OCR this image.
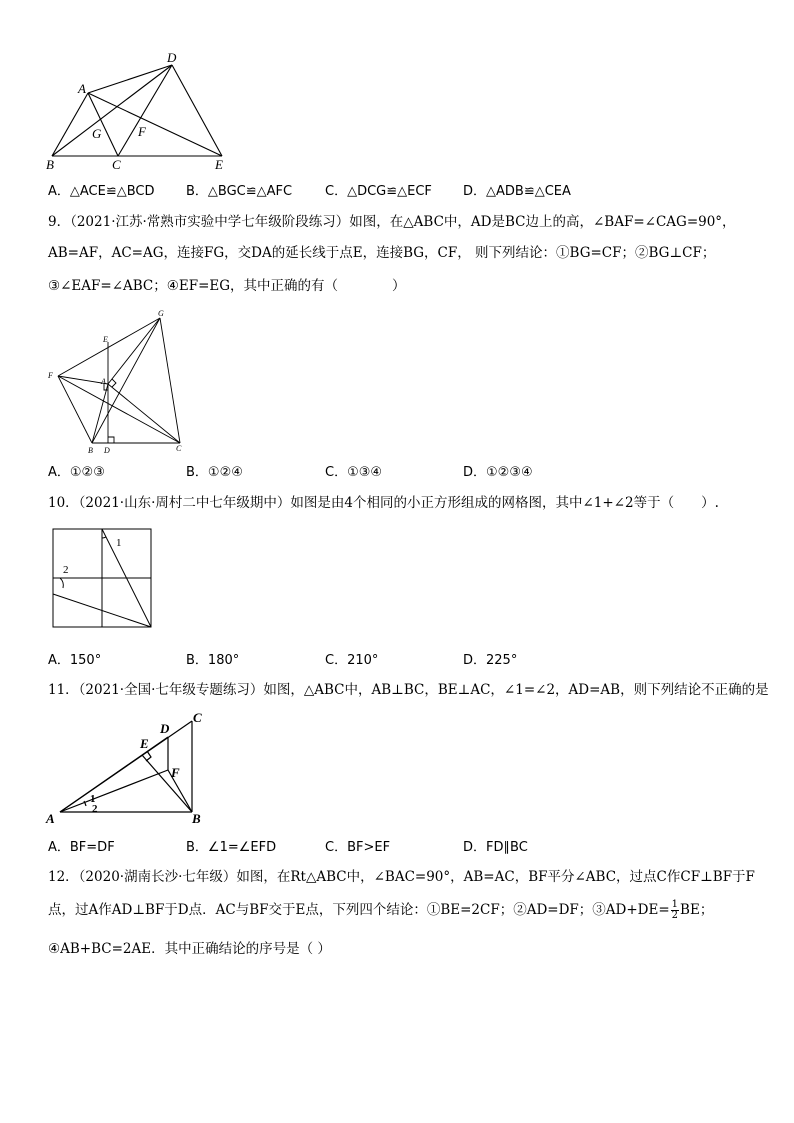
A
B	C
D
E
F
G
A．△ACE≌△BCD B．△BGC≌△AFC	C．△DCG≌△ECF D．△ADB≌△CEA
9．（2021·江苏·常熟市实验中学七年级阶段练习）如图，在△ABC中，AD是BC边上的高，∠BAF=∠CAG=90°，
AB=AF，AC=AG，连接FG，交DA的延长线于点E，连接BG，CF， 则下列结论：①BG=CF；②BG⊥CF；
③∠EAF=∠ABC；④EF=EG，其中正确的有（　　　　）
G
E
F
A
B D	C
A．①②③	B．①②④	C．①③④	D．①②③④
10．（2021·山东·周村二中七年级期中）如图是由4个相同的小正方形组成的网格图，其中∠1+∠2等于（　　）.
1
2
A．150°	B．180°	C．210°	D．225°
11．（2021·全国·七年级专题练习）如图，△ABC中，AB⊥BC，BE⊥AC，∠1=∠2，AD=AB，则下列结论不正确的是
C
D
E
F
A	B
1
2
A．BF=DF	B．∠1=∠EFD	C．BF>EF	D．FD∥BC
12．（2020·湖南长沙·七年级）如图，在Rt△ABC中，∠BAC=90°，AB=AC，BF平分∠ABC，过点C作CF⊥BF于F
点，过A作AD⊥BF于D点．AC与BF交于E点，下列四个结论：①BE=2CF；②AD=DF；③AD+DE= $\frac{1}{2}$ BE；
④AB+BC=2AE．其中正确结论的序号是（ ）
